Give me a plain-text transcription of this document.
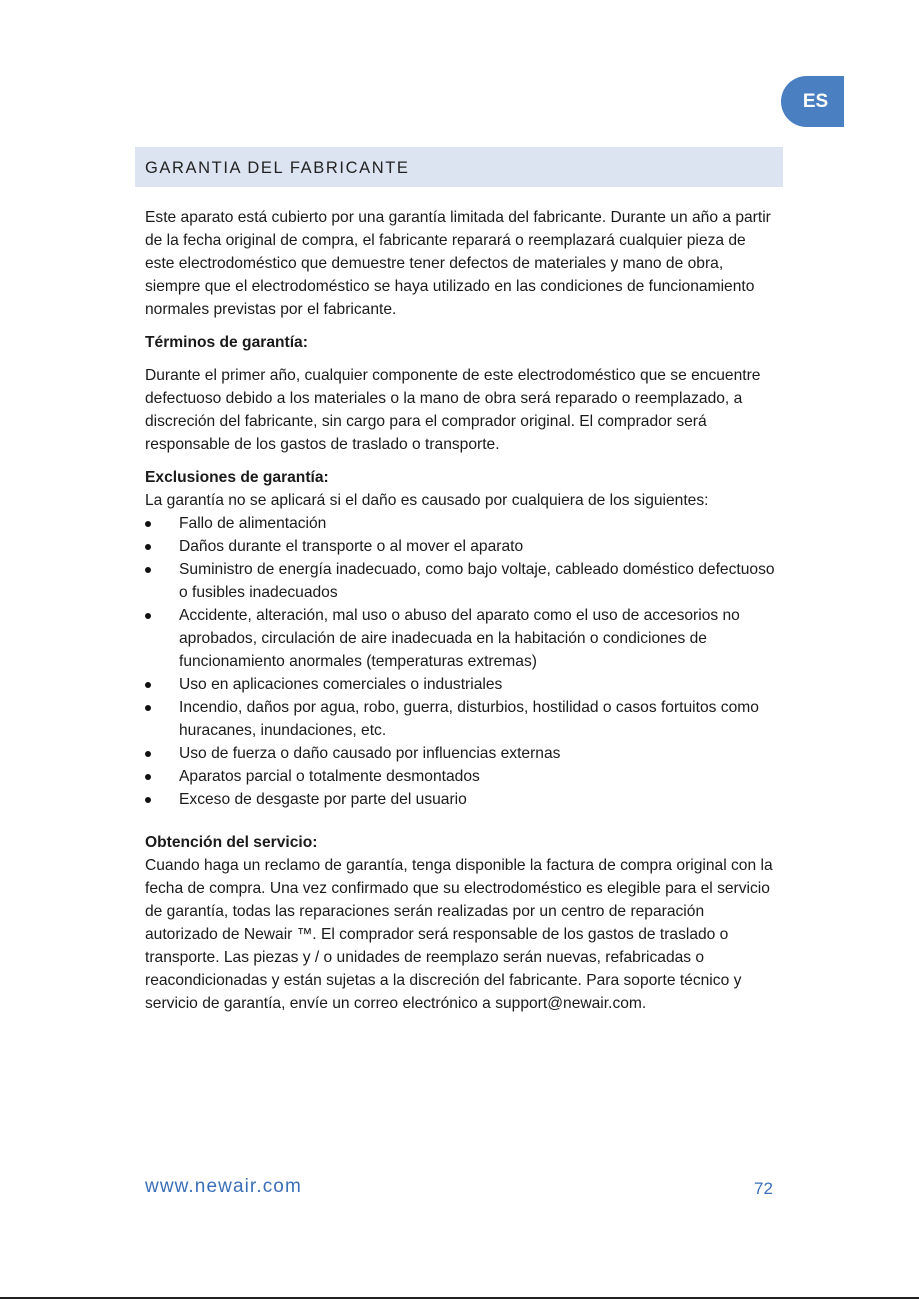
ES
GARANTIA DEL FABRICANTE

Este aparato está cubierto por una garantía limitada del fabricante. Durante un año a partir de la fecha original de compra, el fabricante reparará o reemplazará cualquier pieza de este electrodoméstico que demuestre tener defectos de materiales y mano de obra, siempre que el electrodoméstico se haya utilizado en las condiciones de funcionamiento normales previstas por el fabricante.

Términos de garantía:

Durante el primer año, cualquier componente de este electrodoméstico que se encuentre defectuoso debido a los materiales o la mano de obra será reparado o reemplazado, a discreción del fabricante, sin cargo para el comprador original. El comprador será responsable de los gastos de traslado o transporte.

Exclusiones de garantía:

La garantía no se aplicará si el daño es causado por cualquiera de los siguientes:

Fallo de alimentación
Daños durante el transporte o al mover el aparato
Suministro de energía inadecuado, como bajo voltaje, cableado doméstico defectuoso o fusibles inadecuados
Accidente, alteración, mal uso o abuso del aparato como el uso de accesorios no aprobados, circulación de aire inadecuada en la habitación o condiciones de funcionamiento anormales (temperaturas extremas)
Uso en aplicaciones comerciales o industriales
Incendio, daños por agua, robo, guerra, disturbios, hostilidad o casos fortuitos como huracanes, inundaciones, etc.
Uso de fuerza o daño causado por influencias externas
Aparatos parcial o totalmente desmontados
Exceso de desgaste por parte del usuario

Obtención del servicio:

Cuando haga un reclamo de garantía, tenga disponible la factura de compra original con la fecha de compra. Una vez confirmado que su electrodoméstico es elegible para el servicio de garantía, todas las reparaciones serán realizadas por un centro de reparación autorizado de Newair ™. El comprador será responsable de los gastos de traslado o transporte. Las piezas y / o unidades de reemplazo serán nuevas, refabricadas o reacondicionadas y están sujetas a la discreción del fabricante. Para soporte técnico y servicio de garantía, envíe un correo electrónico a support@newair.com.

www.newair.com	72
